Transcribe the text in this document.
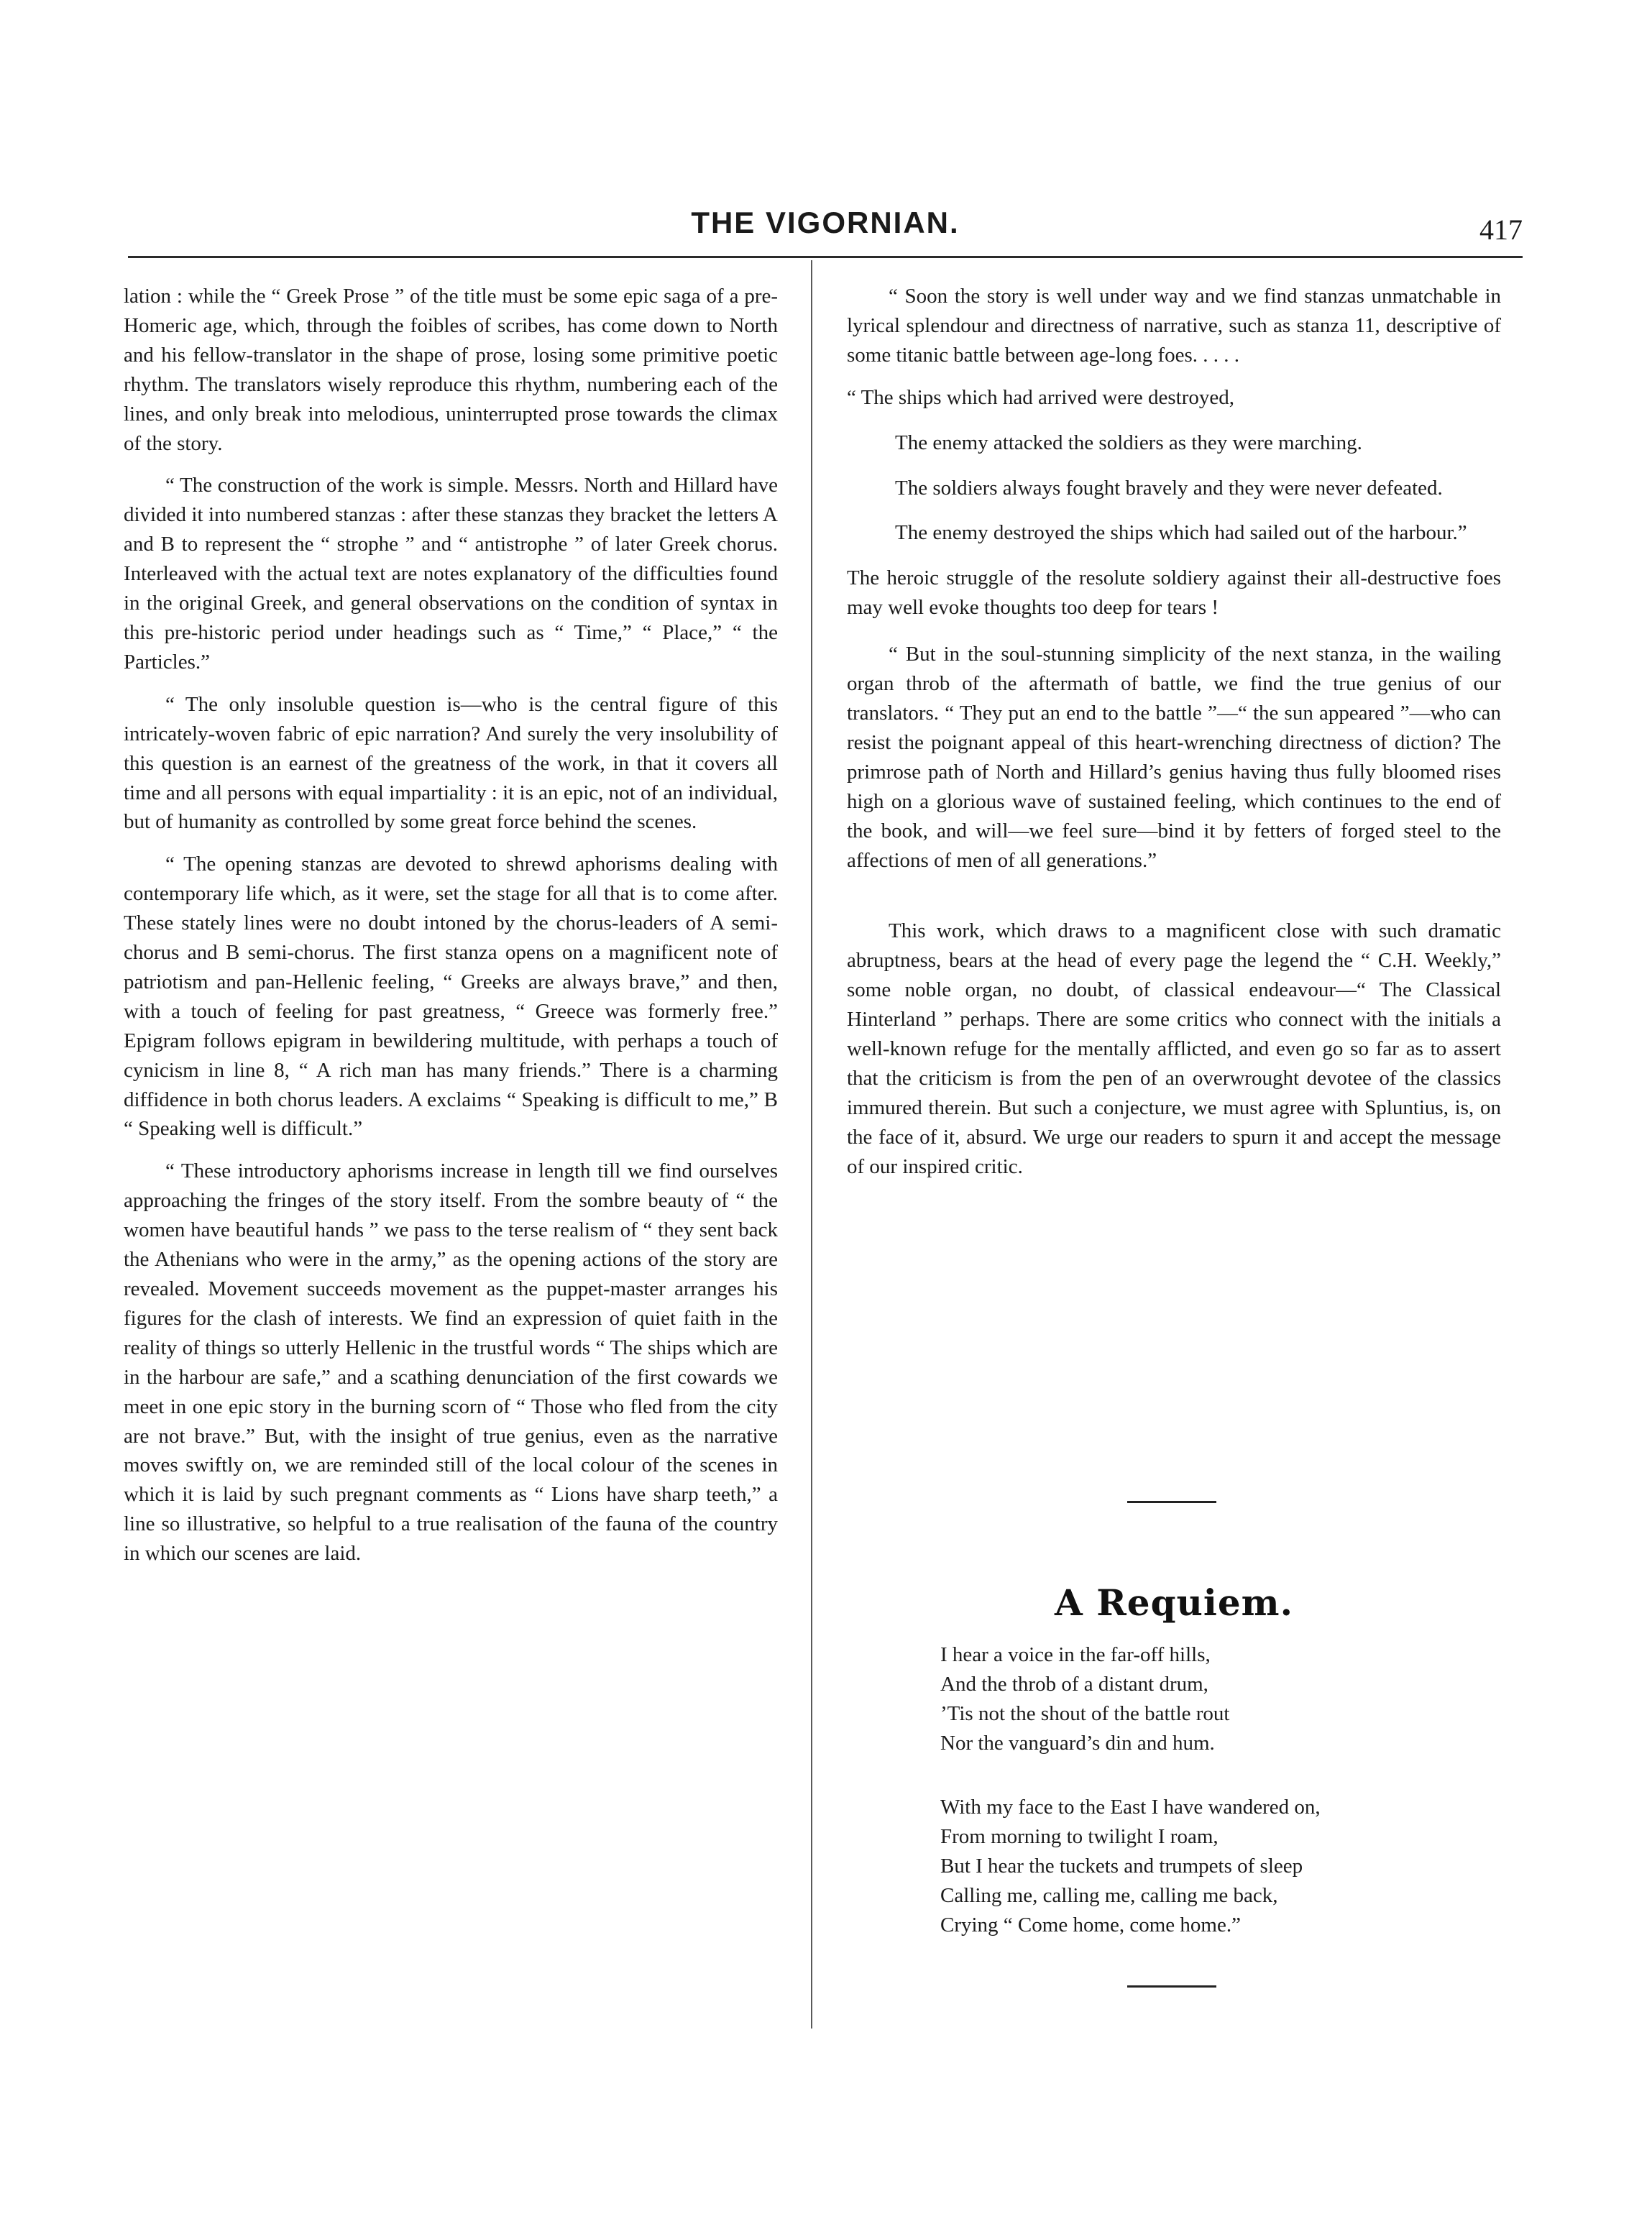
THE VIGORNIAN.	417

lation : while the “ Greek Prose ” of the title must be some epic saga of a pre-Homeric age, which, through the foibles of scribes, has come down to North and his fellow-translator in the shape of prose, losing some primitive poetic rhythm. The translators wisely reproduce this rhythm, numbering each of the lines, and only break into melodious, uninterrupted prose towards the climax of the story.

“ The construction of the work is simple. Messrs. North and Hillard have divided it into numbered stanzas : after these stanzas they bracket the letters A and B to represent the “ strophe ” and “ antistrophe ” of later Greek chorus. Interleaved with the actual text are notes explanatory of the difficulties found in the original Greek, and general observations on the condition of syntax in this pre-historic period under headings such as “ Time,” “ Place,” “ the Particles.”

“ The only insoluble question is—who is the central figure of this intricately-woven fabric of epic narration? And surely the very insolubility of this question is an earnest of the greatness of the work, in that it covers all time and all persons with equal impartiality : it is an epic, not of an individual, but of humanity as controlled by some great force behind the scenes.

“ The opening stanzas are devoted to shrewd aphorisms dealing with contemporary life which, as it were, set the stage for all that is to come after. These stately lines were no doubt intoned by the chorus-leaders of A semi-chorus and B semi-chorus. The first stanza opens on a magnificent note of patriotism and pan-Hellenic feeling, “ Greeks are always brave,” and then, with a touch of feeling for past greatness, “ Greece was formerly free.” Epigram follows epigram in bewildering multitude, with perhaps a touch of cynicism in line 8, “ A rich man has many friends.” There is a charming diffidence in both chorus leaders. A exclaims “ Speaking is difficult to me,” B “ Speaking well is difficult.”

“ These introductory aphorisms increase in length till we find ourselves approaching the fringes of the story itself. From the sombre beauty of “ the women have beautiful hands ” we pass to the terse realism of “ they sent back the Athenians who were in the army,” as the opening actions of the story are revealed. Movement succeeds movement as the puppet-master arranges his figures for the clash of interests. We find an expression of quiet faith in the reality of things so utterly Hellenic in the trustful words “ The ships which are in the harbour are safe,” and a scathing denunciation of the first cowards we meet in one epic story in the burning scorn of “ Those who fled from the city are not brave.” But, with the insight of true genius, even as the narrative moves swiftly on, we are reminded still of the local colour of the scenes in which it is laid by such pregnant comments as “ Lions have sharp teeth,” a line so illustrative, so helpful to a true realisation of the fauna of the country in which our scenes are laid.

“ Soon the story is well under way and we find stanzas unmatchable in lyrical splendour and directness of narrative, such as stanza 11, descriptive of some titanic battle between age-long foes. . . . .

“ The ships which had arrived were destroyed,
The enemy attacked the soldiers as they were marching.
The soldiers always fought bravely and they were never defeated.
The enemy destroyed the ships which had sailed out of the harbour.”

The heroic struggle of the resolute soldiery against their all-destructive foes may well evoke thoughts too deep for tears !

“ But in the soul-stunning simplicity of the next stanza, in the wailing organ throb of the aftermath of battle, we find the true genius of our translators. “ They put an end to the battle ”—“ the sun appeared ”—who can resist the poignant appeal of this heart-wrenching directness of diction? The primrose path of North and Hillard’s genius having thus fully bloomed rises high on a glorious wave of sustained feeling, which continues to the end of the book, and will—we feel sure—bind it by fetters of forged steel to the affections of men of all generations.”

This work, which draws to a magnificent close with such dramatic abruptness, bears at the head of every page the legend the “ C.H. Weekly,” some noble organ, no doubt, of classical endeavour—“ The Classical Hinterland ” perhaps. There are some critics who connect with the initials a well-known refuge for the mentally afflicted, and even go so far as to assert that the criticism is from the pen of an overwrought devotee of the classics immured therein. But such a conjecture, we must agree with Spluntius, is, on the face of it, absurd. We urge our readers to spurn it and accept the message of our inspired critic.

A Requiem.
I hear a voice in the far-off hills,
And the throb of a distant drum,
’Tis not the shout of the battle rout
Nor the vanguard’s din and hum.
With my face to the East I have wandered on,
From morning to twilight I roam,
But I hear the tuckets and trumpets of sleep
Calling me, calling me, calling me back,
Crying “ Come home, come home.”
